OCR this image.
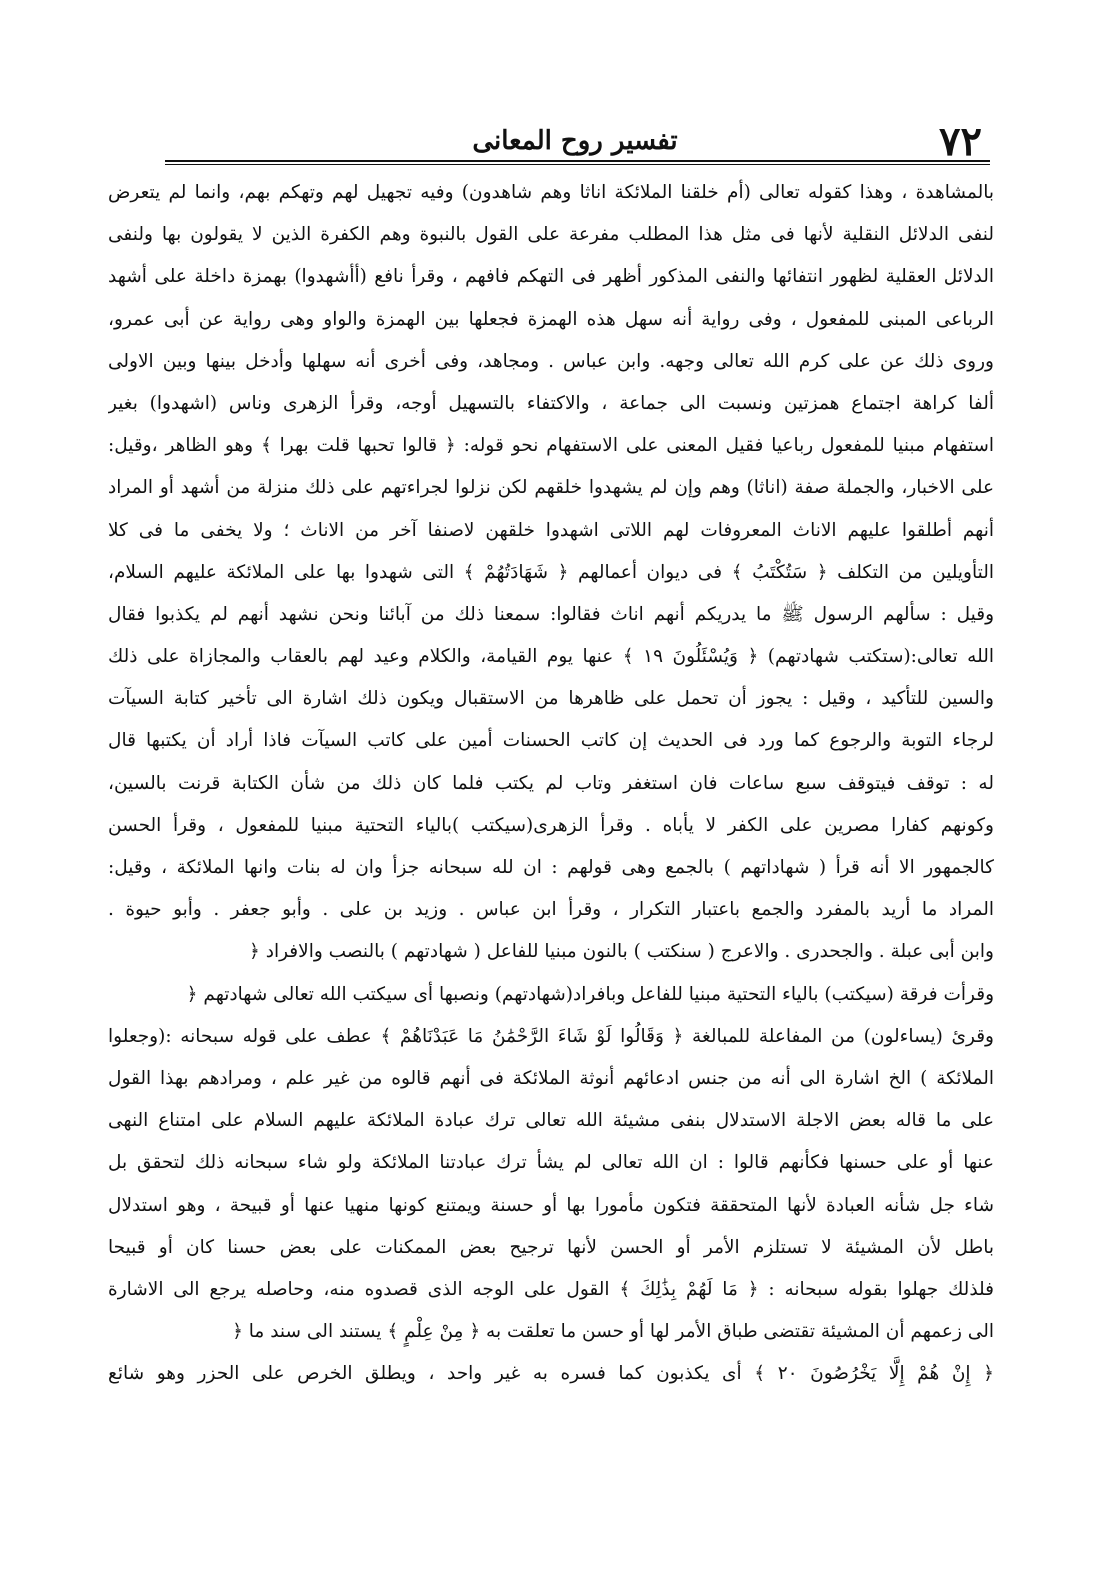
٧٢
تفسير روح المعانى
بالمشاهدة ، وهذا كقوله تعالى (أم خلقنا الملائكة اناثا وهم شاهدون) وفيه تجهيل لهم وتهكم بهم، وانما لم يتعرض
لنفى الدلائل النقلية لأنها فى مثل هذا المطلب مفرعة على القول بالنبوة وهم الكفرة الذين لا يقولون بها ولنفى
الدلائل العقلية لظهور انتفائها والنفى المذكور أظهر فى التهكم فافهم ، وقرأ نافع (أأشهدوا) بهمزة داخلة على أشهد
الرباعى المبنى للمفعول ، وفى رواية أنه سهل هذه الهمزة فجعلها بين الهمزة والواو وهى رواية عن أبى عمرو،
وروى ذلك عن على كرم الله تعالى وجهه. وابن عباس . ومجاهد، وفى أخرى أنه سهلها وأدخل بينها وبين الاولى
ألفا كراهة اجتماع همزتين ونسبت الى جماعة ، والاكتفاء بالتسهيل أوجه، وقرأ الزهرى وناس (اشهدوا) بغير
استفهام مبنيا للمفعول رباعيا فقيل المعنى على الاستفهام نحو قوله: ﴿ قالوا تحبها قلت بهرا ﴾ وهو الظاهر ،وقيل:
على الاخبار، والجملة صفة (اناثا) وهم وإن لم يشهدوا خلقهم لكن نزلوا لجراءتهم على ذلك منزلة من أشهد أو المراد
أنهم أطلقوا عليهم الاناث المعروفات لهم اللاتى اشهدوا خلقهن لاصنفا آخر من الاناث ؛ ولا يخفى ما فى كلا
التأويلين من التكلف ﴿ سَتُكْتَبُ ﴾ فى ديوان أعمالهم ﴿ شَهَادَتُهُمْ ﴾ التى شهدوا بها على الملائكة عليهم السلام،
وقيل : سألهم الرسول ﷺ ما يدريكم أنهم اناث فقالوا: سمعنا ذلك من آبائنا ونحن نشهد أنهم لم يكذبوا فقال
الله تعالى:(ستكتب شهادتهم) ﴿ وَيُسْئَلُونَ ١٩ ﴾ عنها يوم القيامة، والكلام وعيد لهم بالعقاب والمجازاة على ذلك
والسين للتأكيد ، وقيل : يجوز أن تحمل على ظاهرها من الاستقبال ويكون ذلك اشارة الى تأخير كتابة السيآت
لرجاء التوبة والرجوع كما ورد فى الحديث إن كاتب الحسنات أمين على كاتب السيآت فاذا أراد أن يكتبها قال
له : توقف فيتوقف سبع ساعات فان استغفر وتاب لم يكتب فلما كان ذلك من شأن الكتابة قرنت بالسين،
وكونهم كفارا مصرين على الكفر لا يأباه . وقرأ الزهرى(سيكتب )بالياء التحتية مبنيا للمفعول ، وقرأ الحسن
كالجمهور الا أنه قرأ ( شهاداتهم ) بالجمع وهى قولهم : ان لله سبحانه جزأ وان له بنات وانها الملائكة ، وقيل:
المراد ما أريد بالمفرد والجمع باعتبار التكرار ، وقرأ ابن عباس . وزيد بن على . وأبو جعفر . وأبو حيوة .
وابن أبى عبلة . والجحدرى . والاعرج ( سنكتب ) بالنون مبنيا للفاعل ( شهادتهم ) بالنصب والافراد ﴿
وقرأت فرقة (سيكتب) بالياء التحتية مبنيا للفاعل وبافراد(شهادتهم) ونصبها أى سيكتب الله تعالى شهادتهم ﴿
وقرئ (يساءلون) من المفاعلة للمبالغة ﴿ وَقَالُوا لَوْ شَاءَ الرَّحْمَٰنُ مَا عَبَدْنَاهُمْ ﴾ عطف على قوله سبحانه :(وجعلوا
الملائكة ) الخ اشارة الى أنه من جنس ادعائهم أنوثة الملائكة فى أنهم قالوه من غير علم ، ومرادهم بهذا القول
على ما قاله بعض الاجلة الاستدلال بنفى مشيئة الله تعالى ترك عبادة الملائكة عليهم السلام على امتناع النهى
عنها أو على حسنها فكأنهم قالوا : ان الله تعالى لم يشأ ترك عبادتنا الملائكة ولو شاء سبحانه ذلك لتحقق بل
شاء جل شأنه العبادة لأنها المتحققة فتكون مأمورا بها أو حسنة ويمتنع كونها منهيا عنها أو قبيحة ، وهو استدلال
باطل لأن المشيئة لا تستلزم الأمر أو الحسن لأنها ترجيح بعض الممكنات على بعض حسنا كان أو قبيحا
فلذلك جهلوا بقوله سبحانه : ﴿ مَا لَهُمْ بِذَٰلِكَ ﴾ القول على الوجه الذى قصدوه منه، وحاصله يرجع الى الاشارة
الى زعمهم أن المشيئة تقتضى طباق الأمر لها أو حسن ما تعلقت به ﴿ مِنْ عِلْمٍ ﴾ يستند الى سند ما ﴿
﴿ إِنْ هُمْ إِلَّا يَخْرُصُونَ ٢٠ ﴾ أى يكذبون كما فسره به غير واحد ، ويطلق الخرص على الحزر وهو شائع
